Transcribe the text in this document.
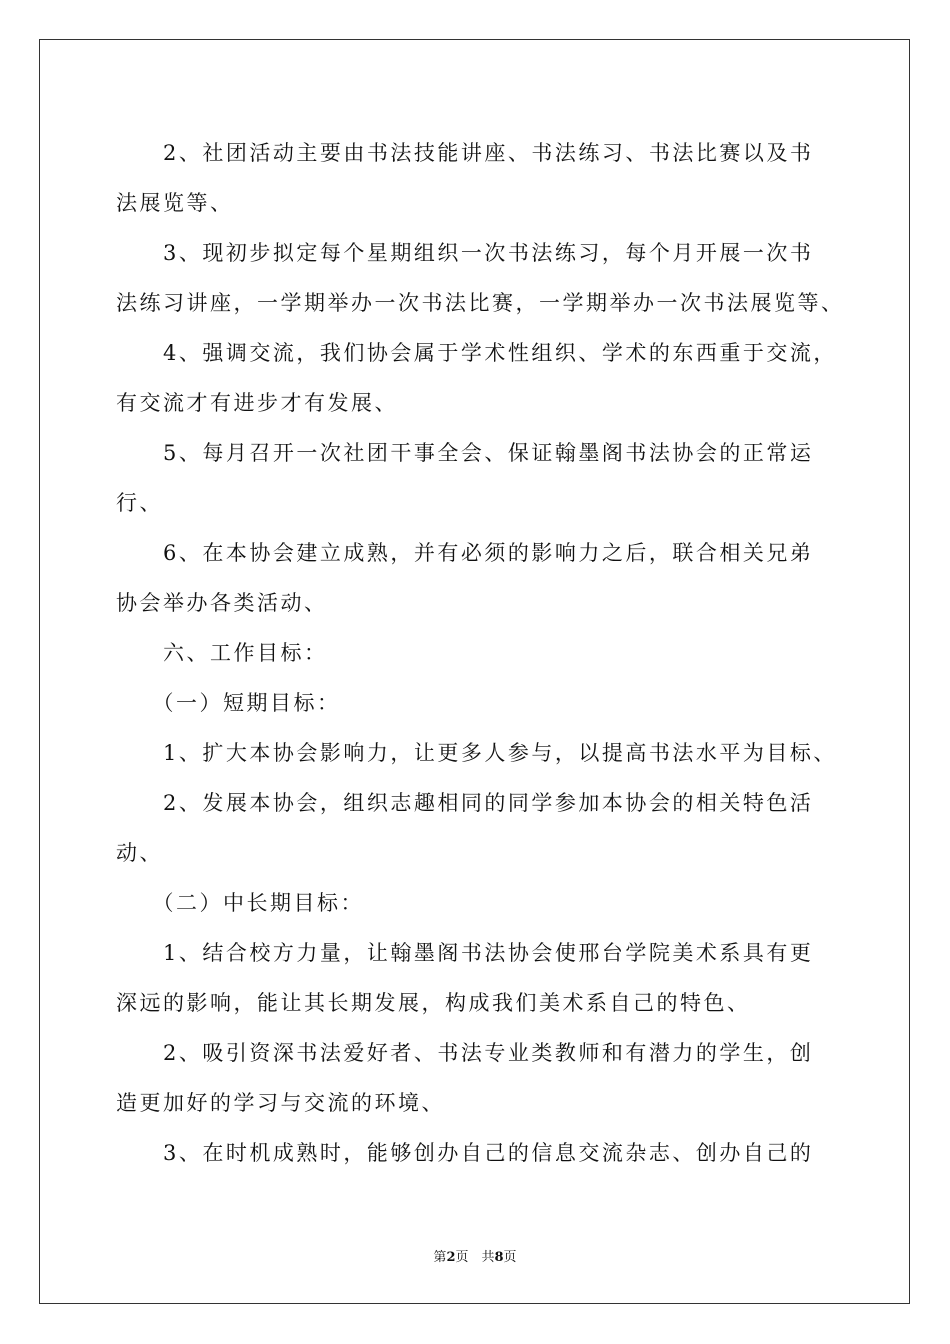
　　2、社团活动主要由书法技能讲座、书法练习、书法比赛以及书
法展览等、
　　3、现初步拟定每个星期组织一次书法练习，每个月开展一次书
法练习讲座，一学期举办一次书法比赛，一学期举办一次书法展览等、
　　4、强调交流，我们协会属于学术性组织、学术的东西重于交流，
有交流才有进步才有发展、
　　5、每月召开一次社团干事全会、保证翰墨阁书法协会的正常运
行、
　　6、在本协会建立成熟，并有必须的影响力之后，联合相关兄弟
协会举办各类活动、
　　六、工作目标：
　　（一）短期目标：
　　1、扩大本协会影响力，让更多人参与，以提高书法水平为目标、
　　2、发展本协会，组织志趣相同的同学参加本协会的相关特色活
动、
　　（二）中长期目标：
　　1、结合校方力量，让翰墨阁书法协会使邢台学院美术系具有更
深远的影响，能让其长期发展，构成我们美术系自己的特色、
　　2、吸引资深书法爱好者、书法专业类教师和有潜力的学生，创
造更加好的学习与交流的环境、
　　3、在时机成熟时，能够创办自己的信息交流杂志、创办自己的
第2页　共8页
